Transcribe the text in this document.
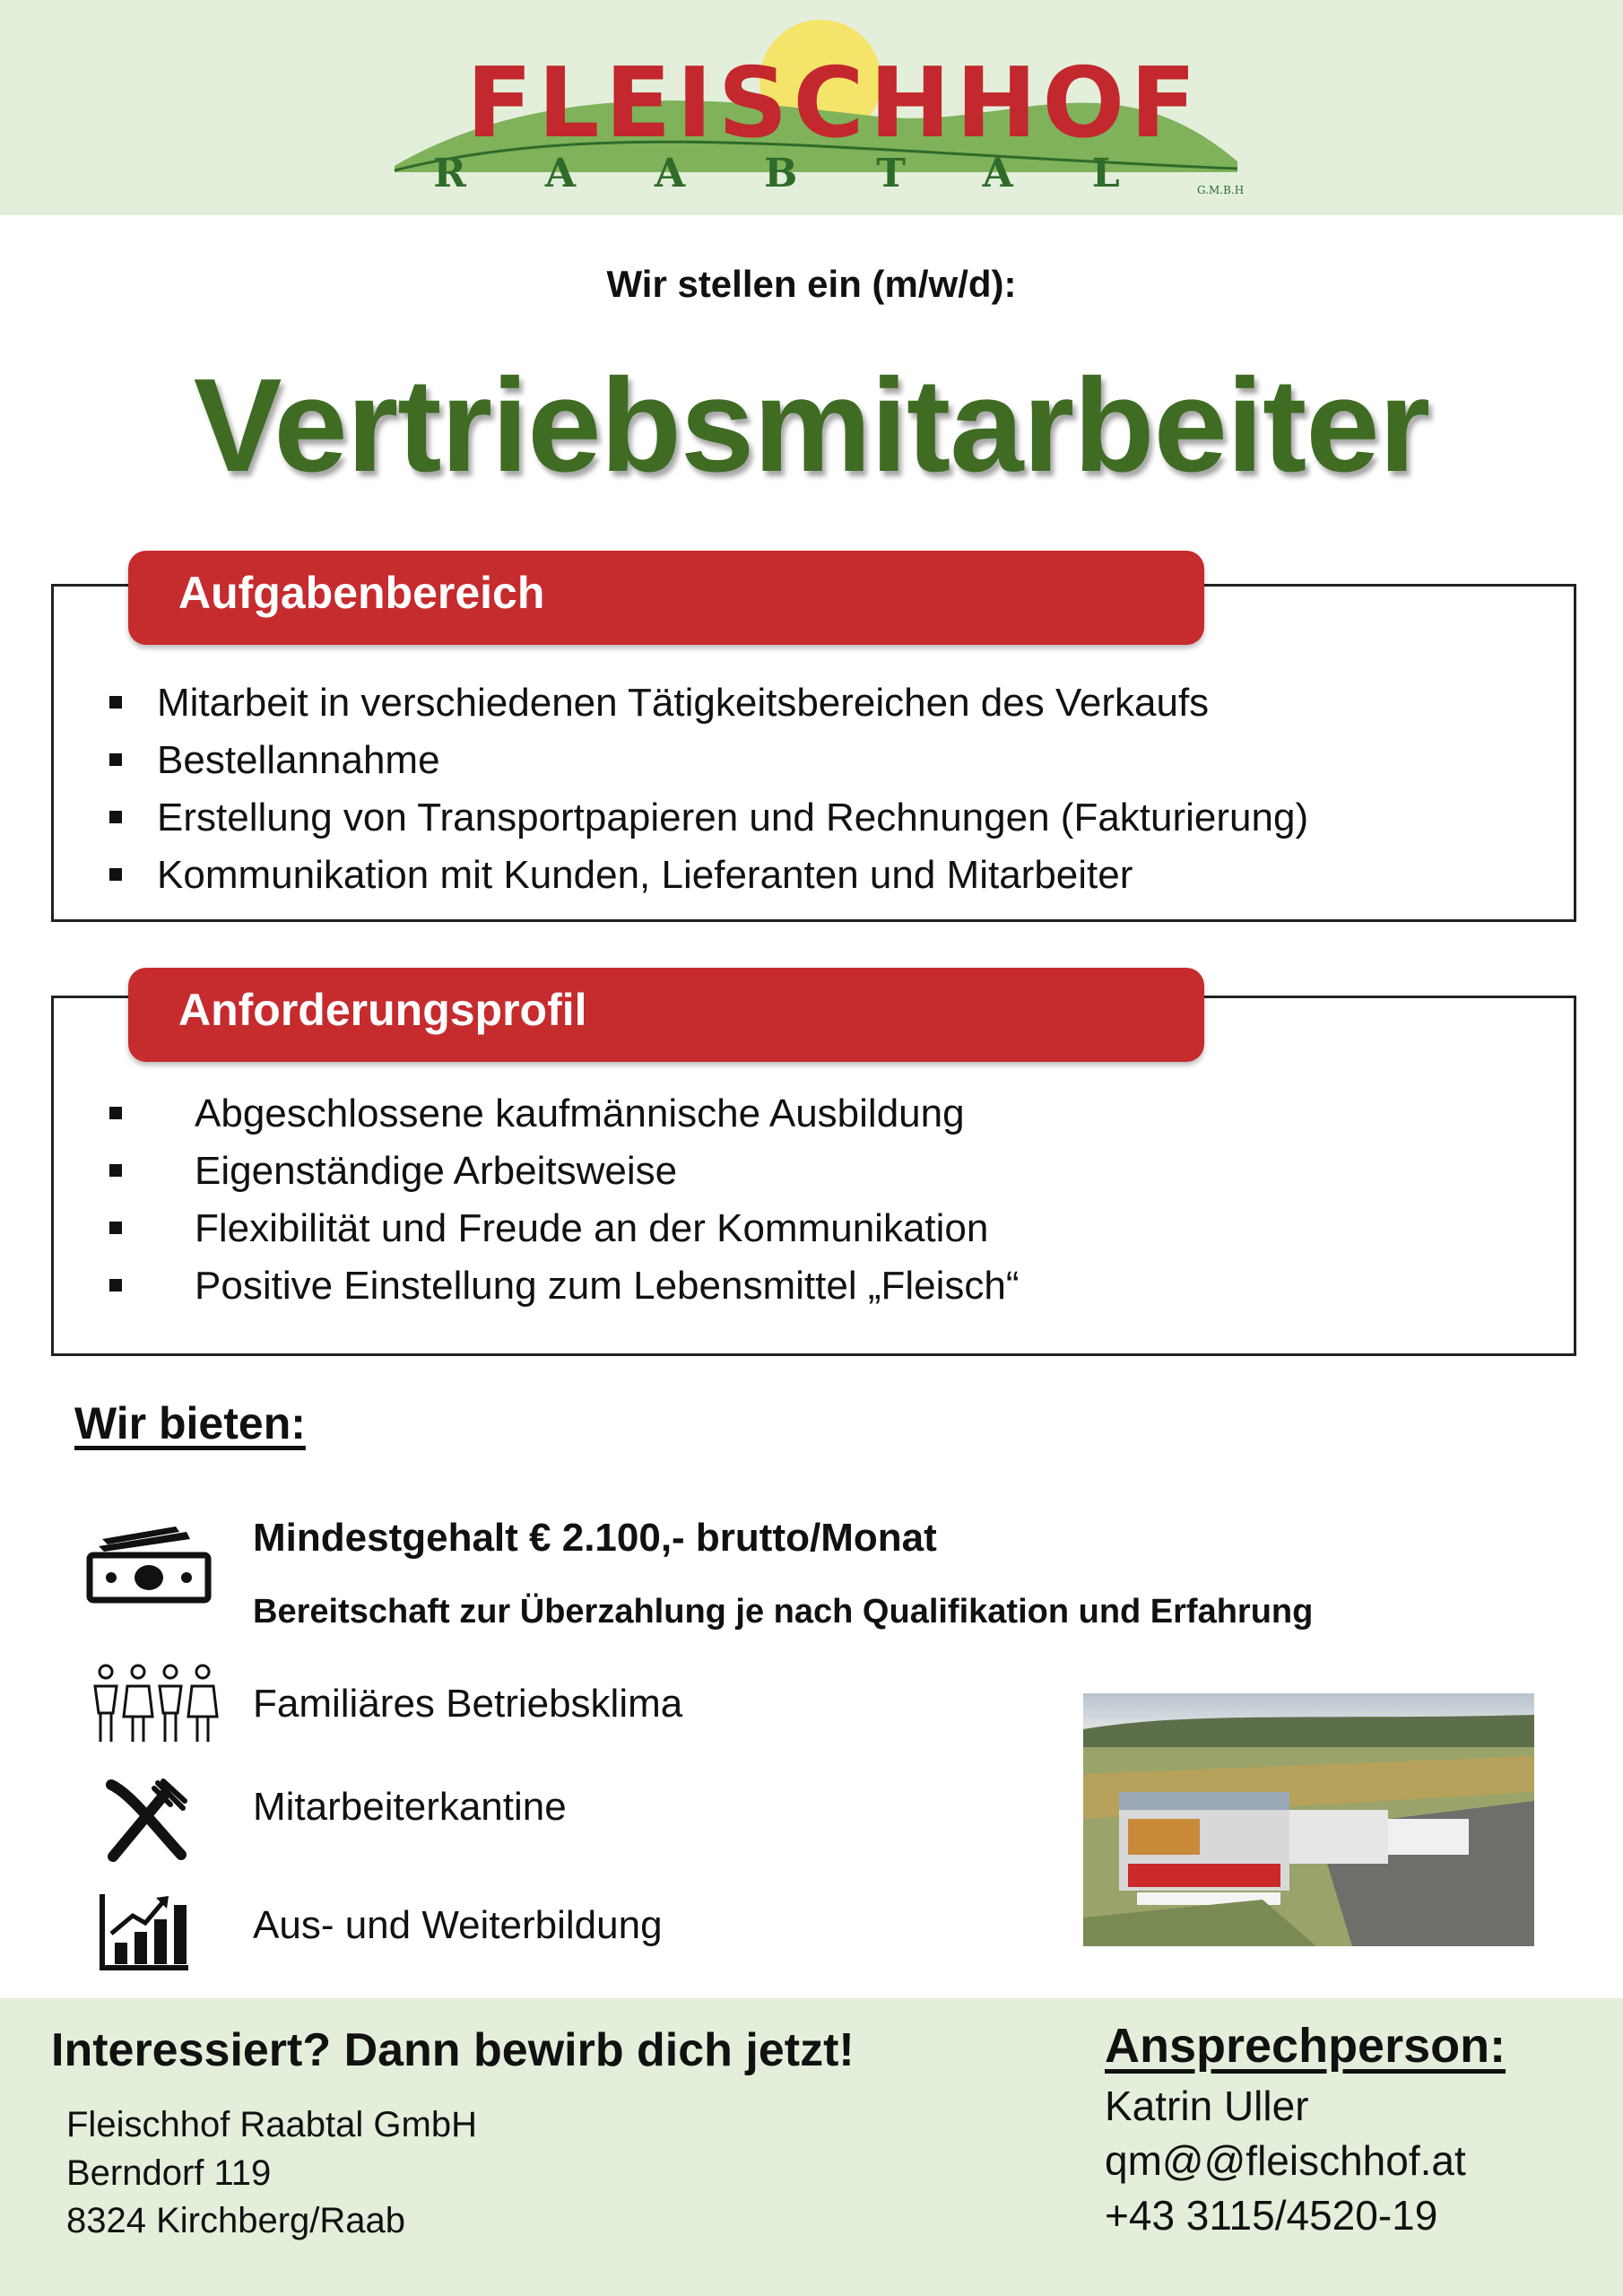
FLEISCHHOF
RAABTAL
G.M.B.H
Wir stellen ein (m/w/d):
Vertriebsmitarbeiter
Aufgabenbereich
Mitarbeit in verschiedenen Tätigkeitsbereichen des Verkaufs
Bestellannahme
Erstellung von Transportpapieren und Rechnungen (Fakturierung)
Kommunikation mit Kunden, Lieferanten und Mitarbeiter
Anforderungsprofil
Abgeschlossene kaufmännische Ausbildung
Eigenständige Arbeitsweise
Flexibilität und Freude an der Kommunikation
Positive Einstellung zum Lebensmittel „Fleisch“
Wir bieten:
Mindestgehalt € 2.100,- brutto/Monat
Bereitschaft zur Überzahlung je nach Qualifikation und Erfahrung
Familiäres Betriebsklima
Mitarbeiterkantine
Aus- und Weiterbildung
Interessiert? Dann bewirb dich jetzt!
Fleischhof Raabtal GmbH
Berndorf 119
8324 Kirchberg/Raab
Ansprechperson:
Katrin Uller
qm@@fleischhof.at
+43 3115/4520-19
